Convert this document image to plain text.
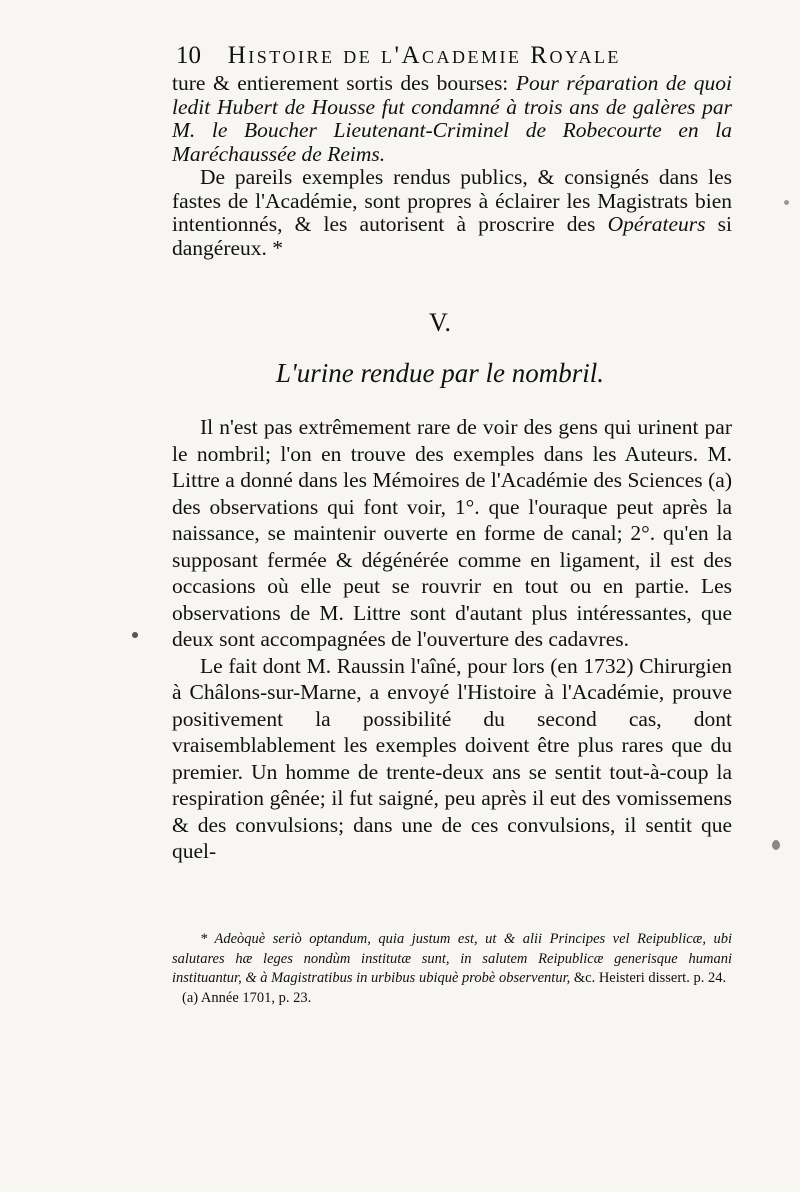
10 Histoire de l'Academie Royale

ture & entierement sortis des bourses: Pour réparation de quoi ledit Hubert de Housse fut condamné à trois ans de galères par M. le Boucher Lieutenant-Criminel de Robecourte en la Maréchaussée de Reims.

De pareils exemples rendus publics, & consignés dans les fastes de l'Académie, sont propres à éclairer les Magistrats bien intentionnés, & les autorisent à proscrire des Opérateurs si dangéreux. *

V.
L'urine rendue par le nombril.

Il n'est pas extrêmement rare de voir des gens qui urinent par le nombril; l'on en trouve des exemples dans les Auteurs. M. Littre a donné dans les Mémoires de l'Académie des Sciences (a) des observations qui font voir, 1°. que l'ouraque peut après la naissance, se maintenir ouverte en forme de canal; 2°. qu'en la supposant fermée & dégénérée comme en ligament, il est des occasions où elle peut se rouvrir en tout ou en partie. Les observations de M. Littre sont d'autant plus intéressantes, que deux sont accompagnées de l'ouverture des cadavres.

Le fait dont M. Raussin l'aîné, pour lors (en 1732) Chirurgien à Châlons-sur-Marne, a envoyé l'Histoire à l'Académie, prouve positivement la possibilité du second cas, dont vraisemblablement les exemples doivent être plus rares que du premier. Un homme de trente-deux ans se sentit tout-à-coup la respiration gênée; il fut saigné, peu après il eut des vomissemens & des convulsions; dans une de ces convulsions, il sentit que quel-

* Adeòquè seriò optandum, quia justum est, ut & alii Principes vel Reipublicæ, ubi salutares hæ leges nondùm institutæ sunt, in salutem Reipublicæ generisque humani instituantur, & à Magistratibus in urbibus ubiquè probè observentur, &c. Heisteri dissert. p. 24.

(a) Année 1701, p. 23.
